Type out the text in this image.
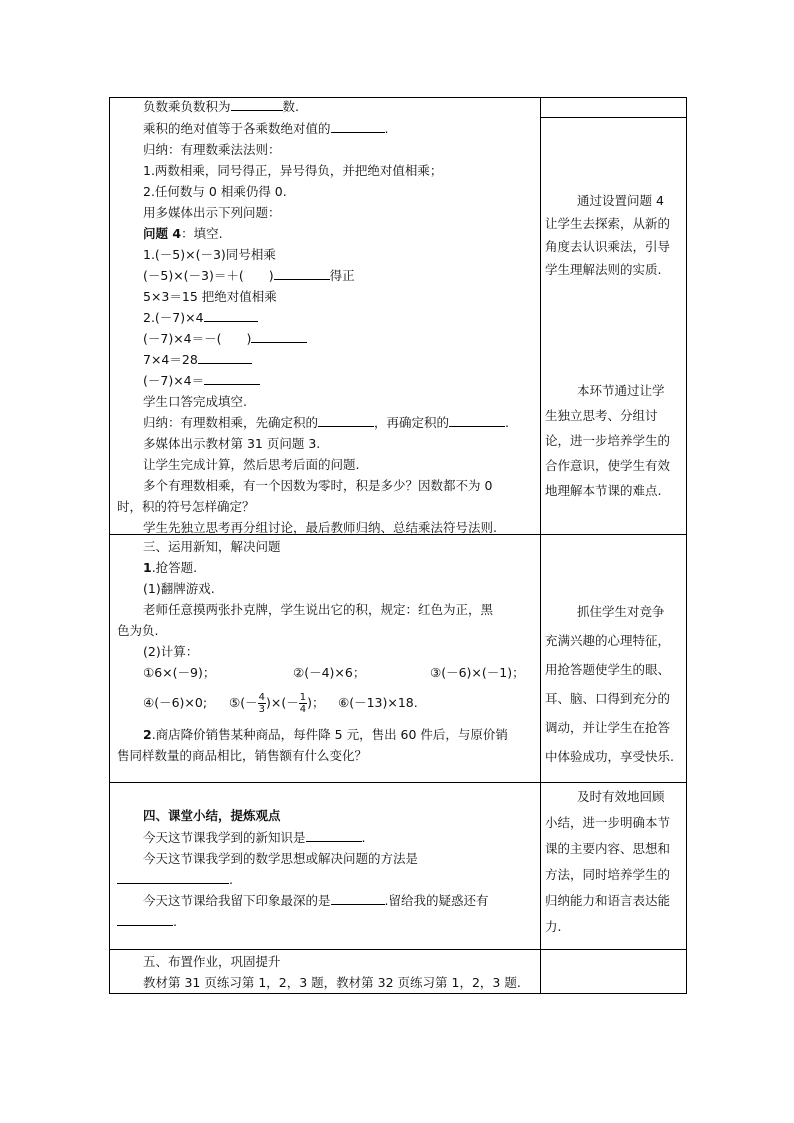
负数乘负数积为	数.
乘积的绝对值等于各乘数绝对值的	.
归纳：有理数乘法法则：
1.两数相乘，同号得正，异号得负，并把绝对值相乘；
2.任何数与 0 相乘仍得 0.
用多媒体出示下列问题：
问题 4：填空.
1.(－5)×(－3)同号相乘
(－5)×(－3)＝＋(　　)	得正
5×3＝15 把绝对值相乘
2.(－7)×4
(－7)×4＝－(　　)
7×4＝28
(－7)×4＝
学生口答完成填空.
归纳：有理数相乘，先确定积的	，再确定积的	.
多媒体出示教材第 31 页问题 3.
让学生完成计算，然后思考后面的问题.
多个有理数相乘，有一个因数为零时，积是多少？因数都不为 0
时，积的符号怎样确定？
学生先独立思考再分组讨论，最后教师归纳、总结乘法符号法则.
通过设置问题 4 让学生去探索，从新的角度去认识乘法，引导学生理解法则的实质.
本环节通过让学生独立思考、分组讨论，进一步培养学生的合作意识，使学生有效地理解本节课的难点.
三、运用新知，解决问题
1.抢答题.
(1)翻牌游戏.
老师任意摸两张扑克牌，学生说出它的积，规定：红色为正，黑
色为负.
(2)计算：
①6×(－9)；	②(－4)×6；	③(－6)×(－1)；
④(－6)×0; ⑤(－ $\frac{4}{3}$ )×(－ $\frac{1}{4}$ )； ⑥(－13)×18.
2.商店降价销售某种商品，每件降 5 元，售出 60 件后，与原价销
售同样数量的商品相比，销售额有什么变化？
抓住学生对竞争充满兴趣的心理特征，用抢答题使学生的眼、耳、脑、口得到充分的调动，并让学生在抢答中体验成功，享受快乐.
四、课堂小结，提炼观点
今天这节课我学到的新知识是	.
今天这节课我学到的数学思想或解决问题的方法是
.
今天这节课给我留下印象最深的是	.留给我的疑惑还有
.
及时有效地回顾小结，进一步明确本节课的主要内容、思想和方法，同时培养学生的归纳能力和语言表达能力.
五、布置作业，巩固提升
教材第 31 页练习第 1，2，3 题，教材第 32 页练习第 1，2，3 题.
